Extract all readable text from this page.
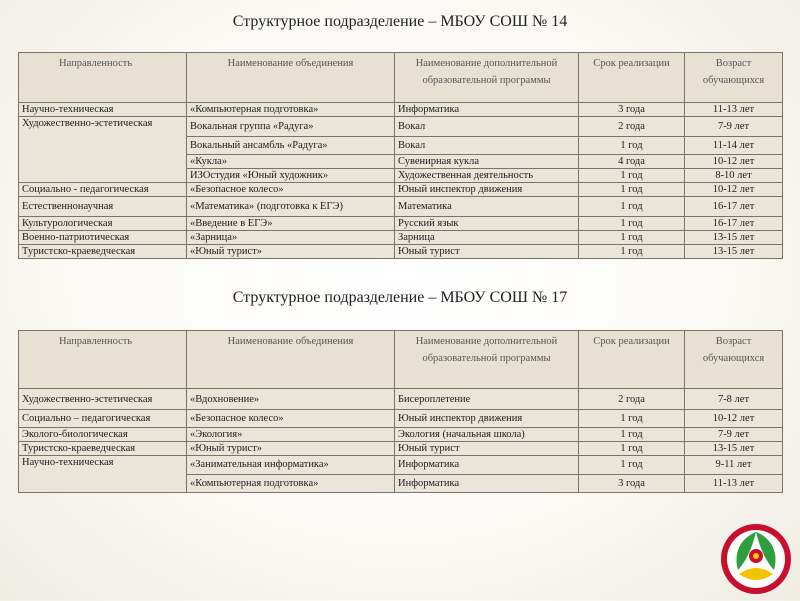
Структурное подразделение – МБОУ СОШ № 14
Направленность	Наименование объединения	Наименование дополнительной образовательной программы	Срок реализации	Возраст обучающихся
Научно-техническая	«Компьютерная подготовка»	Информатика	3 года	11-13 лет
Художественно-эстетическая	Вокальная группа «Радуга»	Вокал	2 года	7-9 лет
	Вокальный ансамбль «Радуга»	Вокал	1 год	11-14 лет
	«Кукла»	Сувенирная кукла	4 года	10-12 лет
	ИЗОстудия «Юный художник»	Художественная деятельность	1 год	8-10 лет
Социально - педагогическая	«Безопасное колесо»	Юный инспектор движения	1 год	10-12 лет
Естественнонаучная	«Математика» (подготовка к ЕГЭ)	Математика	1 год	16-17 лет
Культурологическая	«Введение в ЕГЭ»	Русский язык	1 год	16-17 лет
Военно-патриотическая	«Зарница»	Зарница	1 год	13-15 лет
Туристско-краеведческая	«Юный турист»	Юный турист	1 год	13-15 лет
Структурное подразделение – МБОУ СОШ № 17
Направленность	Наименование объединения	Наименование дополнительной образовательной программы	Срок реализации	Возраст обучающихся
Художественно-эстетическая	«Вдохновение»	Бисероплетение	2 года	7-8 лет
Социально – педагогическая	«Безопасное колесо»	Юный инспектор движения	1 год	10-12 лет
Эколого-биологическая	«Экология»	Экология (начальная школа)	1 год	7-9 лет
Туристско-краеведческая	«Юный турист»	Юный турист	1 год	13-15 лет
Научно-техническая	«Занимательная информатика»	Информатика	1 год	9-11 лет
	«Компьютерная подготовка»	Информатика	3 года	11-13 лет
